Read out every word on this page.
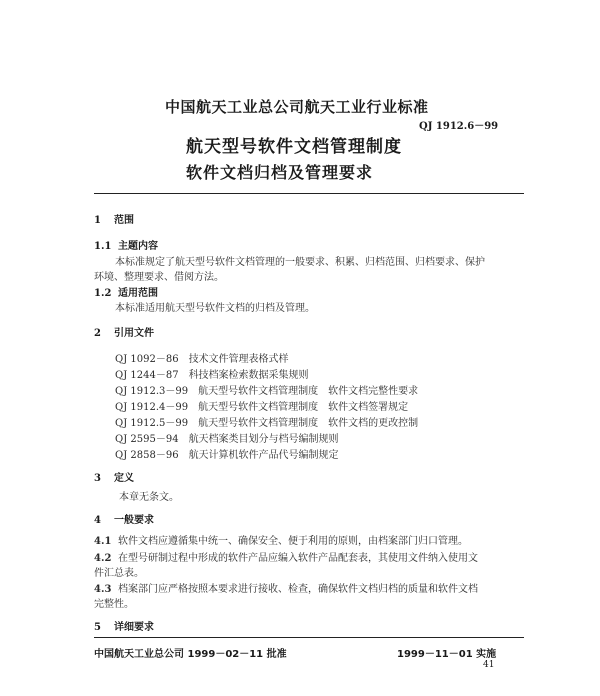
中国航天工业总公司航天工业行业标准
QJ 1912.6－99
航天型号软件文档管理制度
软件文档归档及管理要求
1 范围
1.1 主题内容
本标准规定了航天型号软件文档管理的一般要求、积累、归档范围、归档要求、保护
环境、整理要求、借阅方法。
1.2 适用范围
本标准适用航天型号软件文档的归档及管理。
2 引用文件
QJ 1092－86　 技术文件管理表格式样
QJ 1244－87　 科技档案检索数据采集规则
QJ 1912.3－99　 航天型号软件文档管理制度　软件文档完整性要求
QJ 1912.4－99　 航天型号软件文档管理制度　软件文档签署规定
QJ 1912.5－99　 航天型号软件文档管理制度　软件文档的更改控制
QJ 2595－94　 航天档案类目划分与档号编制规则
QJ 2858－96　 航天计算机软件产品代号编制规定
3 定义
本章无条文。
4 一般要求
4.1 软件文档应遵循集中统一、确保安全、便于利用的原则，由档案部门归口管理。
4.2 在型号研制过程中形成的软件产品应编入软件产品配套表，其使用文件纳入使用文
件汇总表。
4.3 档案部门应严格按照本要求进行接收、检查，确保软件文档归档的质量和软件文档
完整性。
5 详细要求
中国航天工业总公司 1999－02－11 批准	1999－11－01 实施
41
